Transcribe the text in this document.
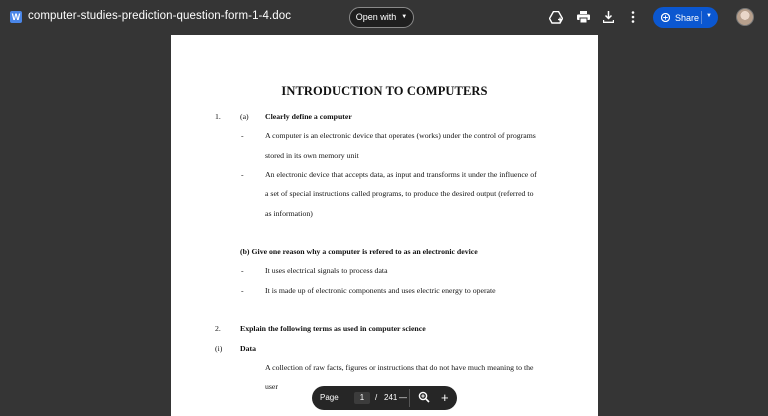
W computer-studies-prediction-question-form-1-4.doc	Open with ▼	Share ▼
INTRODUCTION TO COMPUTERS
1. (a) Clearly define a computer
-	A computer is an electronic device that operates (works) under the control of programs
stored in its own memory unit
-	An electronic device that accepts data, as input and transforms it under the influence of
a set of special instructions called programs, to produce the desired output (referred to
as information)
(b) Give one reason why a computer is refered to as an electronic device
-	It uses electrical signals to process data
-	It is made up of electronic components and uses electric energy to operate
2. Explain the following terms as used in computer science
(i) Data
A collection of raw facts, figures or instructions that do not have much meaning to the
user
Page	1	/ 241 —	+
